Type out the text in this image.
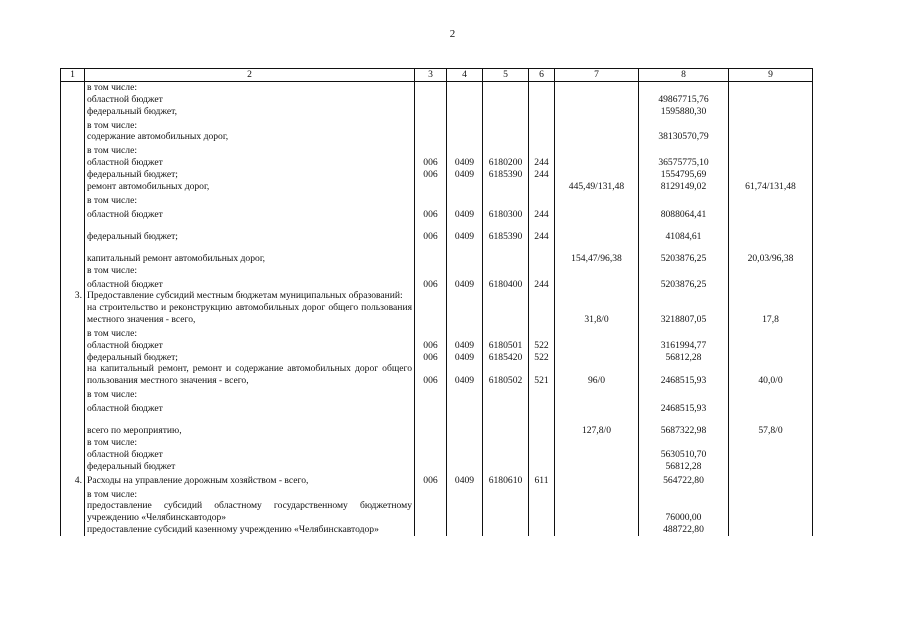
2
1	2	3	4	5	6	7	8	9
	в том числе:							
	областной бюджет						49867715,76	
	федеральный бюджет,						1595880,30	
	в том числе:							
	содержание автомобильных дорог,						38130570,79	
	в том числе:							
	областной бюджет	006	0409	6180200	244		36575775,10	
	федеральный бюджет;	006	0409	6185390	244		1554795,69	
	ремонт автомобильных дорог,					445,49/131,48	8129149,02	61,74/131,48
	в том числе:							
	областной бюджет	006	0409	6180300	244		8088064,41	
	федеральный бюджет;	006	0409	6185390	244		41084,61	
	капитальный ремонт автомобильных дорог,					154,47/96,38	5203876,25	20,03/96,38
	в том числе:							
	областной бюджет	006	0409	6180400	244		5203876,25	
3.	Предоставление субсидий местным бюджетам муниципальных образований:							
	на строительство и реконструкцию автомобильных дорог общего пользования местного значения - всего,					31,8/0	3218807,05	17,8
	в том числе:							
	областной бюджет	006	0409	6180501	522		3161994,77	
	федеральный бюджет;	006	0409	6185420	522		56812,28	
	на капитальный ремонт, ремонт и содержание автомобильных дорог общего пользования местного значения - всего,	006	0409	6180502	521	96/0	2468515,93	40,0/0
	в том числе:							
	областной бюджет						2468515,93	
	всего по мероприятию,					127,8/0	5687322,98	57,8/0
	в том числе:							
	областной бюджет						5630510,70	
	федеральный бюджет						56812,28	
4.	Расходы на управление дорожным хозяйством - всего,	006	0409	6180610	611		564722,80	
	в том числе:							
	предоставление субсидий областному государственному бюджетному учреждению «Челябинскавтодор»						76000,00	
	предоставление субсидий казенному учреждению «Челябинскавтодор»						488722,80	
